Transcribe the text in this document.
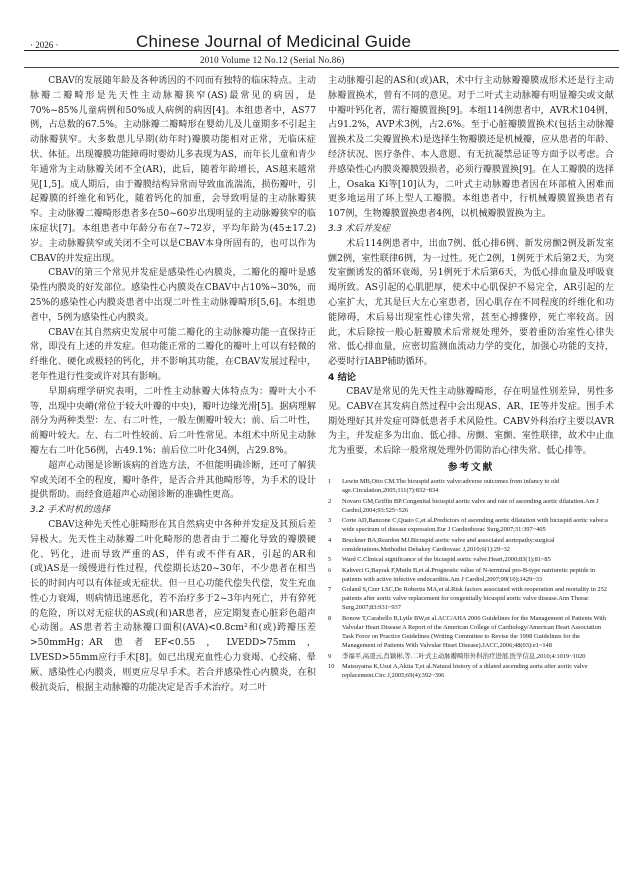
· 2026 ·	Chinese Journal of Medicinal Guide
2010 Volume 12 No.12 (Serial No.86)

CBAV的发展随年龄及各种诱因的不同而有独特的临床特点。主动脉瓣二瓣畸形是先天性主动脉瓣狭窄(AS)最常见的病因，是70%~85%儿童病例和50%成人病例的病因[4]。本组患者中，AS77例，占总数的67.5%。主动脉瓣二瓣畸形在婴幼儿及儿童期多不引起主动脉瓣狭窄。大多数患儿早期(幼年时)瓣膜功能相对正常，无临床症状、体征。出现瓣膜功能障碍时婴幼儿多表现为AS，而年长儿童和青少年通常为主动脉瓣关闭不全(AR)，此后，随着年龄增长，AS越来越常见[1,5]。成人期后，由于瓣膜结构异常而导致血流湍流，损伤瓣叶，引起瓣膜的纤维化和钙化，随着钙化的加重，会导致明显的主动脉瓣狭窄。主动脉瓣二瓣畸形患者多在50~60岁出现明显的主动脉瓣狭窄的临床症状[7]。本组患者中年龄分布在7~72岁，平均年龄为(45±17.2)岁。主动脉瓣狭窄或关闭不全可以是CBAV本身所固有的，也可以作为CBAV的并发症出现。

CBAV的第三个常见并发症是感染性心内膜炎，二瓣化的瓣叶是感染性内膜炎的好发部位。感染性心内膜炎在CBAV中占10%~30%，而25%的感染性心内膜炎患者中出现二叶性主动脉瓣畸形[5,6]。本组患者中，5例为感染性心内膜炎。

CBAV在其自然病史发展中可能二瓣化的主动脉瓣功能一直保持正常，即没有上述的并发症。但功能正常的二瓣化的瓣叶上可以有轻微的纤维化、硬化或极轻的钙化，并不影响其功能，在CBAV发展过程中，老年性退行性变或许对其有影响。

早期病理学研究表明，二叶性主动脉瓣大体特点为：瓣叶大小不等，出现中央嵴(常位于较大叶瓣的中央)，瓣叶边缘光滑[5]。据病理解剖分为两种类型：左、右二叶性，一般左侧瓣叶较大；前、后二叶性，前瓣叶较大。左、右二叶性较前、后二叶性常见。本组术中所见主动脉瓣左右二叶化56例，占49.1%；前后位二叶化34例，占29.8%。

超声心动图是诊断该病的首选方法，不但能明确诊断，还可了解狭窄或关闭不全的程度，瓣叶条件，是否合并其他畸形等，为手术的设计提供帮助。而经食道超声心动图诊断的准确性更高。

3.2 手术时机的选择

CBAV这种先天性心脏畸形在其自然病史中各种并发症及其预后差异极大。先天性主动脉瓣二叶化畸形的患者由于二瓣化导致的瓣膜硬化、钙化，进而导致严重的AS，伴有或不伴有AR，引起的AR和(或)AS是一缓慢进行性过程，代偿期长达20~30年，不少患者在相当长的时间内可以有体征或无症状。但一旦心功能代偿失代偿，发生充血性心力衰竭，则病情迅速恶化，若不治疗多于2~3年内死亡，并有猝死的危险，所以对无症状的AS或(和)AR患者，应定期复查心脏彩色超声心动图。AS患者若主动脉瓣口面积(AVA)<0.8cm²和(或)跨瓣压差>50mmHg；AR患者EF<0.55，LVEDD>75mm，LVESD>55mm应行手术[8]。如已出现充血性心力衰竭、心绞痛、晕厥、感染性心内膜炎，则更应尽早手术。若合并感染性心内膜炎，在积极抗炎后，根据主动脉瓣的功能决定是否手术治疗。对二叶

主动脉瓣引起的AS和(或)AR，术中行主动脉瓣瓣膜成形术还是行主动脉瓣置换术，曾有不同的意见。对于二叶式主动脉瓣有明显瓣尖或文献中瓣叶钙化者，需行瓣膜置换[9]。本组114例患者中，AVR术104例，占91.2%，AVP术3例，占2.6%。至于心脏瓣膜置换术(包括主动脉瓣置换术及二尖瓣置换术)是选择生物瓣膜还是机械瓣，应从患者的年龄、经济状况、医疗条件、本人意愿、有无抗凝禁忌证等方面予以考虑。合并感染性心内膜炎瓣膜毁损者，必须行瓣膜置换[9]。在人工瓣膜的选择上，Osaka Ki等[10]认为，二叶式主动脉瓣患者因在环部植入困难而更多地运用了环上型人工瓣膜。本组患者中，行机械瓣膜置换患者有107例，生物瓣膜置换患者4例，以机械瓣膜置换为主。

3.3 术后并发症

术后114例患者中，出血7例、低心排6例、新发房颤2例及新发室颤2例，室性联律6例，为一过性。死亡2例，1例死于术后第2天，为突发室颤诱发的循环衰竭，另1例死于术后第6天，为低心排血量及呼吸衰竭所致。AS引起的心肌肥厚，使术中心肌保护不易完全，AR引起的左心室扩大，尤其是巨大左心室患者，因心肌存在不同程度的纤维化和功能障碍，术后易出现室性心律失常，甚至心搏骤停，死亡率较高。因此，术后除按一般心脏瓣膜术后常规处理外，要着重防治室性心律失常、低心排血量，应密切监测血流动力学的变化，加强心功能的支持，必要时行IABP辅助循环。

4 结论

CBAV是常见的先天性主动脉瓣畸形，存在明显性别差异，男性多见。CABV在其发病自然过程中会出现AS、AR、IE等并发症。围手术期处理好其并发症可降低患者手术风险性。CABV外科治疗主要以AVR为主，并发症多为出血、低心排、房颤、室颤、室性联律，故术中止血尤为重要，术后除一般常规处理外仍需防治心律失常、低心排等。

参考文献
1	Lewin MB,Otto CM.The bicuspid aortic valve:adverse outcomes from infancy to old age.Circulation,2005;111(7):832~834
2	Novaro GM,Griffin BP.Congenital bicuspid aortic valve and rate of ascending aortic dilatation.Am J Cardiol,2004;93:525~526
3	Corte AD,Bancone C,Quato C,et al.Predictors of ascending aortic dilatation with bicuspid aortic valve:a wide spectrum of disease expression.Eur J Cardiothorac Surg,2007;31:397~405
4	Bruckner BA,Reardon MJ.Bicuspid aortic valve and associated aortopathy:surgical considerations.Methodist Debakey Cardiovasc J,2010;6(1):29~32
5	Ward C.Clinical significance of the bicuspid aortic valve.Heart,2000;83(1):81~85
6	Kahveci G,Bayrak F,Mutlu B,et al.Prognostic value of N-terminal pro-B-type natriuretic peptide in patients with active infective endocarditis.Am J Cardiol,2007;99(10):1429~33
7	Goland S,Czer LSC,De Robertis MA,et al.Risk factors associated with reoperation and mortality in 252 patients after aortic valve replacement for congenitally bicuspid aortic valve disease.Ann Thorac Surg,2007;83:931~937
8	Bonow T,Carabello B,Lytle BW,et al.ACC/AHA 2006 Guidelines for the Management of Patients With Valvular Heart Disease A Report of the American College of Cardiology/American Heart Association Task Force on Practice Guidelines (Writing Committee to Revise the 1998 Guidelines for the Management of Patients With Valvular Heart Disease).JACC,2006;48(03):e1~148
9	李福平,高凌云,肖颖彬,等.二叶式主动脉瓣畸形外科治疗进展.医学信息,2010;4:1019~1020
10	Matsuyama K,Usui A,Akita T,et al.Natural history of a dilated ascending aorta after aortic valve replacement.Circ J,2005;69(4):392~396
